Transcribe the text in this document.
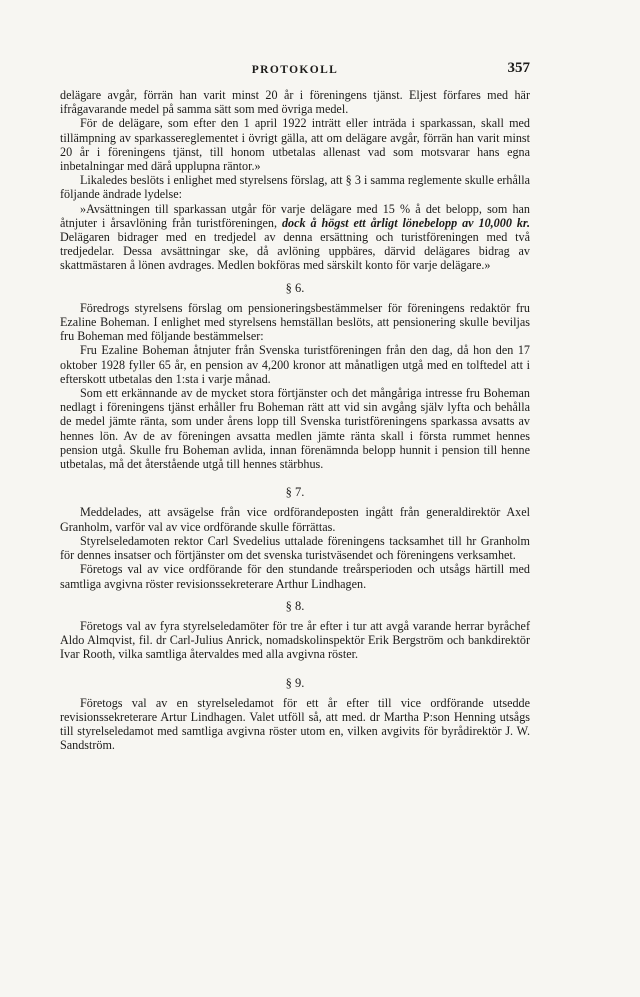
PROTOKOLL	357

delägare avgår, förrän han varit minst 20 år i föreningens tjänst. Eljest förfares med här ifrågavarande medel på samma sätt som med övriga medel.

För de delägare, som efter den 1 april 1922 inträtt eller inträda i sparkassan, skall med tillämpning av sparkassereglementet i övrigt gälla, att om delägare avgår, förrän han varit minst 20 år i föreningens tjänst, till honom utbetalas allenast vad som motsvarar hans egna inbetalningar med därå upplupna räntor.»

Likaledes beslöts i enlighet med styrelsens förslag, att § 3 i samma reglemente skulle erhålla följande ändrade lydelse:

»Avsättningen till sparkassan utgår för varje delägare med 15 % å det belopp, som han åtnjuter i årsavlöning från turistföreningen, dock å högst ett årligt lönebelopp av 10,000 kr. Delägaren bidrager med en tredjedel av denna ersättning och turistföreningen med två tredjedelar. Dessa avsättningar ske, då avlöning uppbäres, därvid delägares bidrag av skattmästaren å lönen avdrages. Medlen bokföras med särskilt konto för varje delägare.»

§ 6.

Föredrogs styrelsens förslag om pensioneringsbestämmelser för föreningens redaktör fru Ezaline Boheman. I enlighet med styrelsens hemställan beslöts, att pensionering skulle beviljas fru Boheman med följande bestämmelser:

Fru Ezaline Boheman åtnjuter från Svenska turistföreningen från den dag, då hon den 17 oktober 1928 fyller 65 år, en pension av 4,200 kronor att månatligen utgå med en tolftedel att i efterskott utbetalas den 1:sta i varje månad.

Som ett erkännande av de mycket stora förtjänster och det mångåriga intresse fru Boheman nedlagt i föreningens tjänst erhåller fru Boheman rätt att vid sin avgång själv lyfta och behålla de medel jämte ränta, som under årens lopp till Svenska turistföreningens sparkassa avsatts av hennes lön. Av de av föreningen avsatta medlen jämte ränta skall i första rummet hennes pension utgå. Skulle fru Boheman avlida, innan förenämnda belopp hunnit i pension till henne utbetalas, må det återstående utgå till hennes stärbhus.

§ 7.

Meddelades, att avsägelse från vice ordförandeposten ingått från generaldirektör Axel Granholm, varför val av vice ordförande skulle förrättas.

Styrelseledamoten rektor Carl Svedelius uttalade föreningens tacksamhet till hr Granholm för dennes insatser och förtjänster om det svenska turistväsendet och föreningens verksamhet.

Företogs val av vice ordförande för den stundande treårsperioden och utsågs härtill med samtliga avgivna röster revisionssekreterare Arthur Lindhagen.

§ 8.

Företogs val av fyra styrelseledamöter för tre år efter i tur att avgå varande herrar byråchef Aldo Almqvist, fil. dr Carl-Julius Anrick, nomadskolinspektör Erik Bergström och bankdirektör Ivar Rooth, vilka samtliga återvaldes med alla avgivna röster.

§ 9.

Företogs val av en styrelseledamot för ett år efter till vice ordförande utsedde revisionssekreterare Artur Lindhagen. Valet utföll så, att med. dr Martha P:son Henning utsågs till styrelseledamot med samtliga avgivna röster utom en, vilken avgivits för byrådirektör J. W. Sandström.
